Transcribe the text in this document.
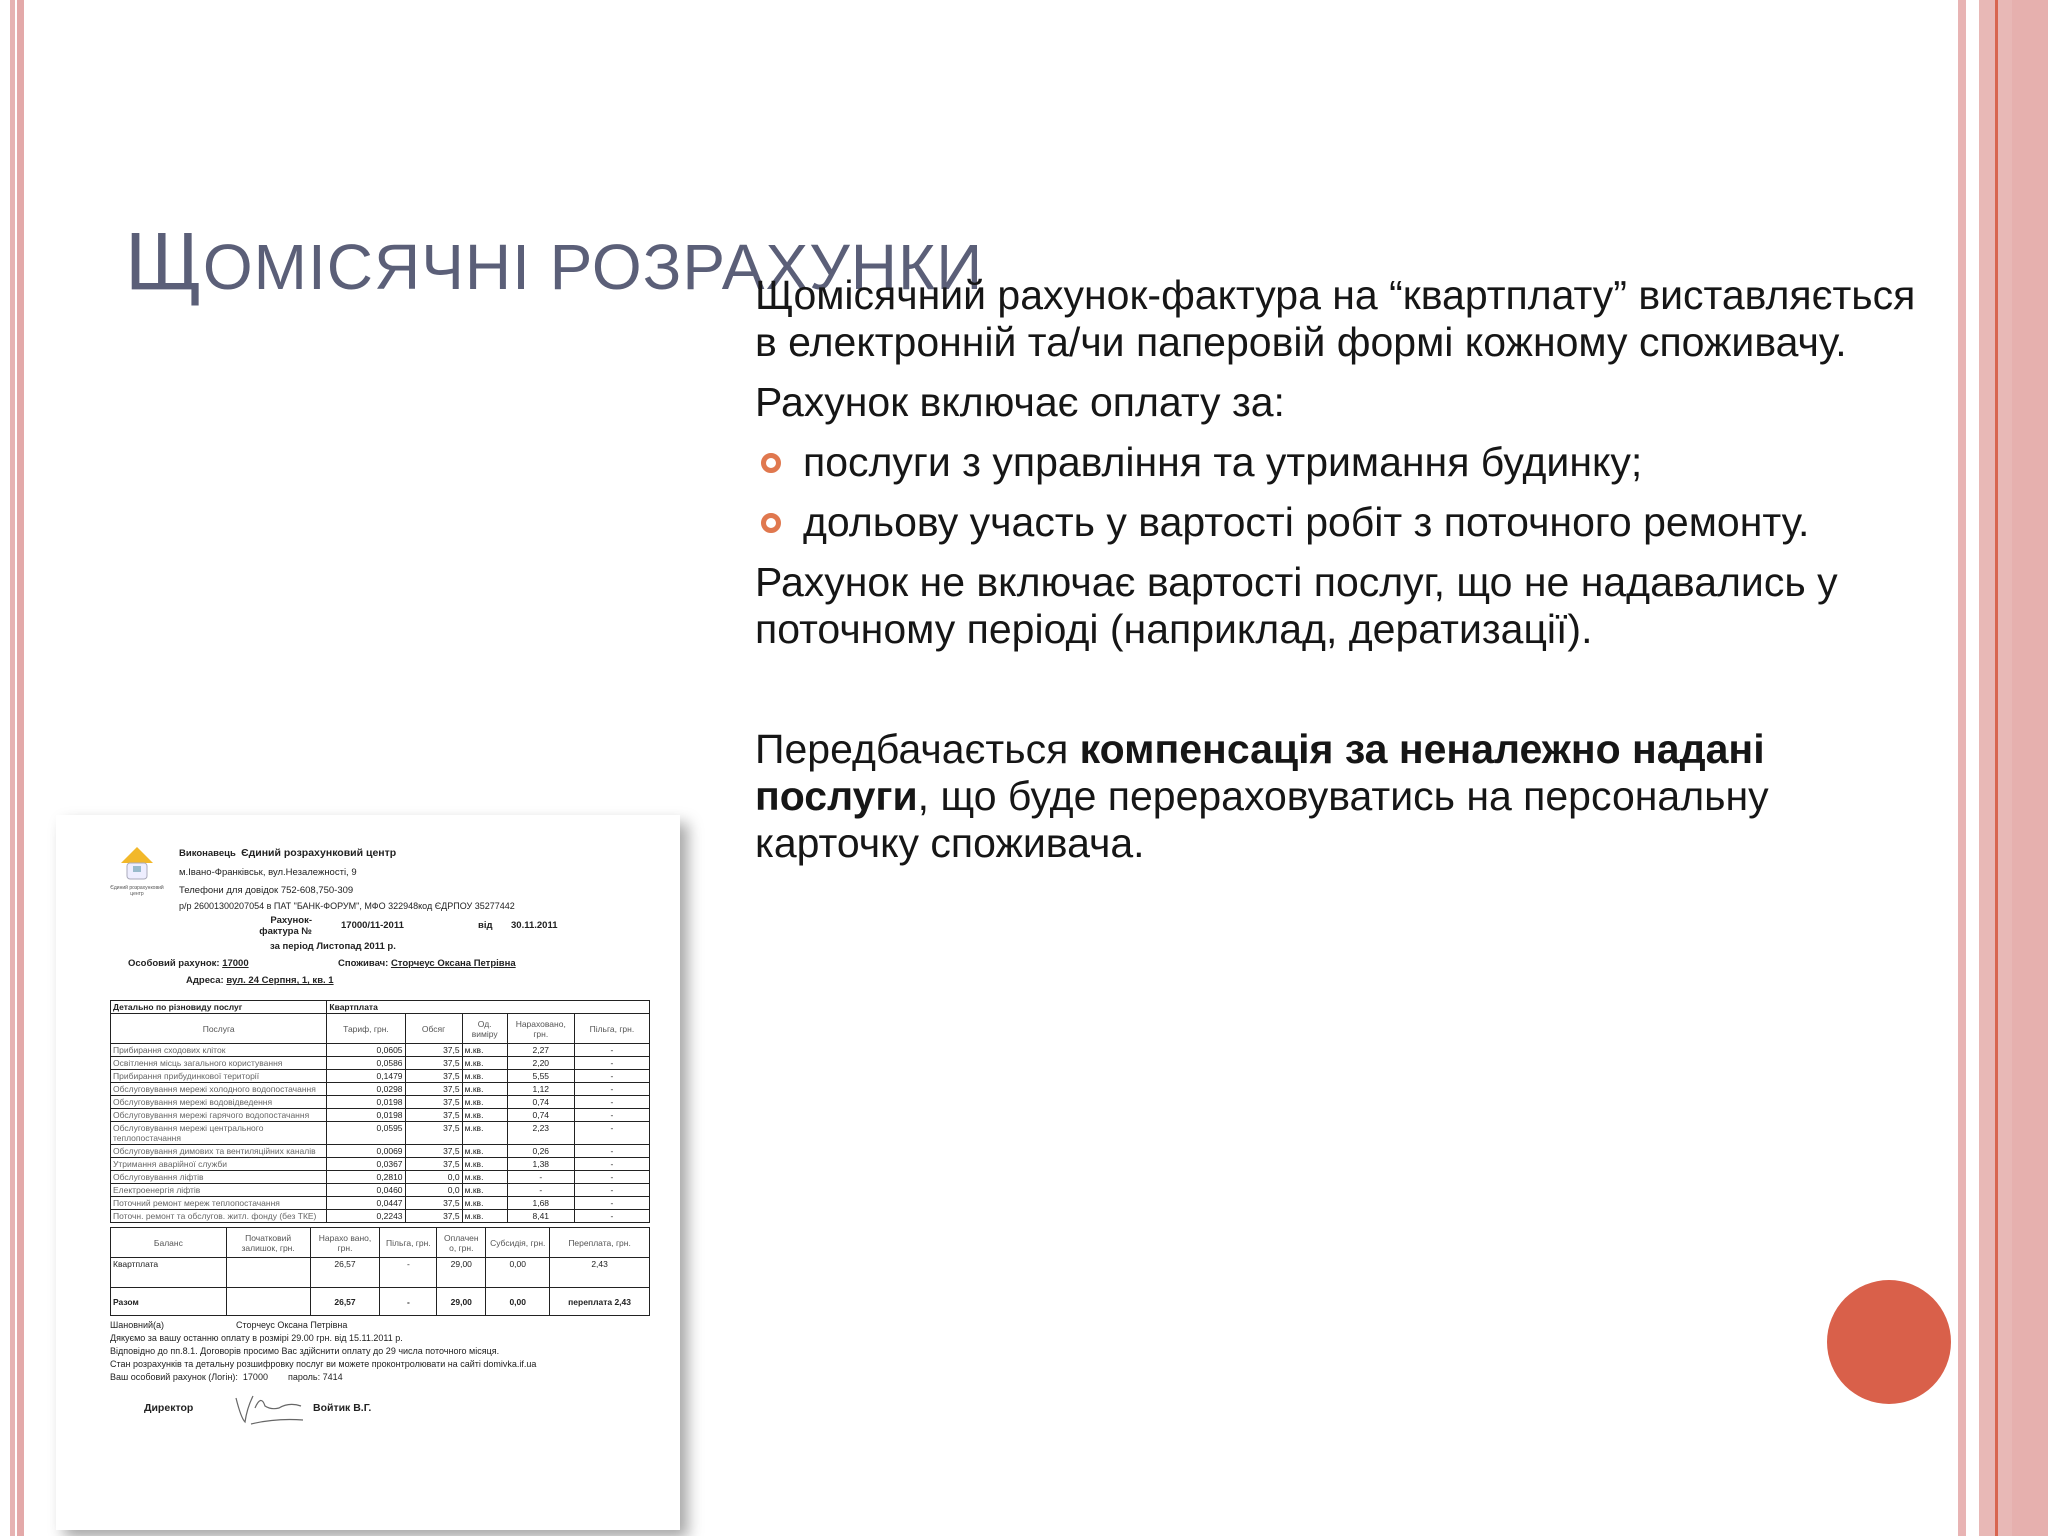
ЩОМІСЯЧНІ РОЗРАХУНКИ

Щомісячний рахунок-фактура на “квартплату” виставляється в електронній та/чи паперовій формі кожному споживачу.

Рахунок включає оплату за:

послуги з управління та утримання будинку;

дольову участь у вартості робіт з поточного ремонту.

Рахунок не включає вартості послуг, що не надавались у поточному періоді (наприклад, дератизації).

Передбачається компенсація за неналежно надані послуги, що буде перераховуватись на персональну карточку споживача.

Єдиний розрахунковий центр
Виконавець Єдиний розрахунковий центр
м.Івано-Франківськ, вул.Незалежності, 9
Телефони для довідок 752-608,750-309
р/р 26001300207054 в ПАТ "БАНК-ФОРУМ", МФО 322948код ЄДРПОУ 35277442
Рахунок-фактура №
17000/11-2011	від 30.11.2011
за період Листопад 2011 р.
Особовий рахунок: 17000	Споживач: Сторчеус Оксана Петрівна
Адреса: вул. 24 Серпня, 1, кв. 1
Детально по різновиду послуг	Квартплата				
Послуга	Тариф, грн.	Обсяг	Од. виміру	Нараховано, грн.	Пільга, грн.
Прибирання сходових кліток	0,0605	37,5	м.кв.	2,27	-
Освітлення місць загального користування	0,0586	37,5	м.кв.	2,20	-
Прибирання прибудинкової території	0,1479	37,5	м.кв.	5,55	-
Обслуговування мережі холодного водопостачання	0,0298	37,5	м.кв.	1,12	-
Обслуговування мережі водовідведення	0,0198	37,5	м.кв.	0,74	-
Обслуговування мережі гарячого водопостачання	0,0198	37,5	м.кв.	0,74	-
Обслуговування мережі центрального теплопостачання	0,0595	37,5	м.кв.	2,23	-
Обслуговування димових та вентиляційних каналів	0,0069	37,5	м.кв.	0,26	-
Утримання аварійної служби	0,0367	37,5	м.кв.	1,38	-
Обслуговування ліфтів	0,2810	0,0	м.кв.	-	-
Електроенергія ліфтів	0,0460	0,0	м.кв.	-	-
Поточний ремонт мереж теплопостачання	0,0447	37,5	м.кв.	1,68	-
Поточн. ремонт та обслугов. житл. фонду (без ТКЕ)	0,2243	37,5	м.кв.	8,41	-
Баланс	Початковий залишок, грн.	Нарахо вано, грн.	Пільга, грн.	Оплачен о, грн.	Субсидія, грн.	Переплата, грн.
Квартплата		26,57	-	29,00	0,00	2,43
Разом		26,57	-	29,00	0,00	переплата 2,43
Шановний(а)	Сторчеус Оксана Петрівна
Дякуємо за вашу останню оплату в розмірі 29.00 грн. від 15.11.2011 р.
Відповідно до пп.8.1. Договорів просимо Вас здійснити оплату до 29 числа поточного місяця.
Стан розрахунків та детальну розшифровку послуг ви можете проконтролювати на сайті domivka.if.ua
Ваш особовий рахунок (Логін):  17000        пароль: 7414
Директор	Войтик В.Г.
